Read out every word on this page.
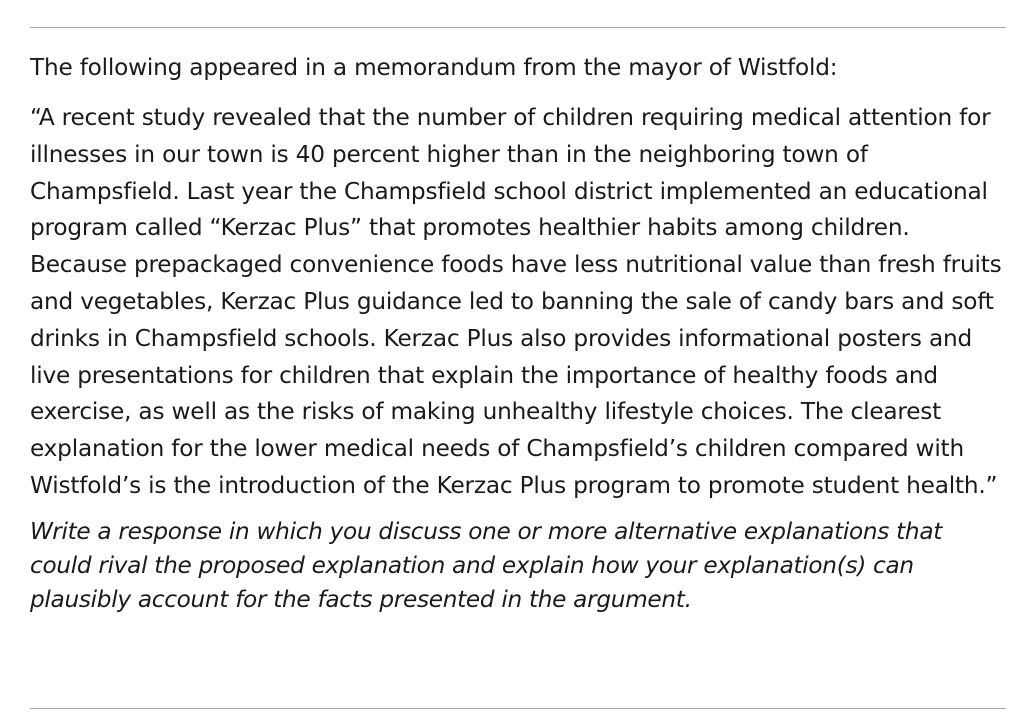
The following appeared in a memorandum from the mayor of Wistfold:

“A recent study revealed that the number of children requiring medical attention for illnesses in our town is 40 percent higher than in the neighboring town of Champsfield. Last year the Champsfield school district implemented an educational program called “Kerzac Plus” that promotes healthier habits among children. Because prepackaged convenience foods have less nutritional value than fresh fruits and vegetables, Kerzac Plus guidance led to banning the sale of candy bars and soft drinks in Champsfield schools. Kerzac Plus also provides informational posters and live presentations for children that explain the importance of healthy foods and exercise, as well as the risks of making unhealthy lifestyle choices. The clearest explanation for the lower medical needs of Champsfield’s children compared with Wistfold’s is the introduction of the Kerzac Plus program to promote student health.”

Write a response in which you discuss one or more alternative explanations that could rival the proposed explanation and explain how your explanation(s) can plausibly account for the facts presented in the argument.
